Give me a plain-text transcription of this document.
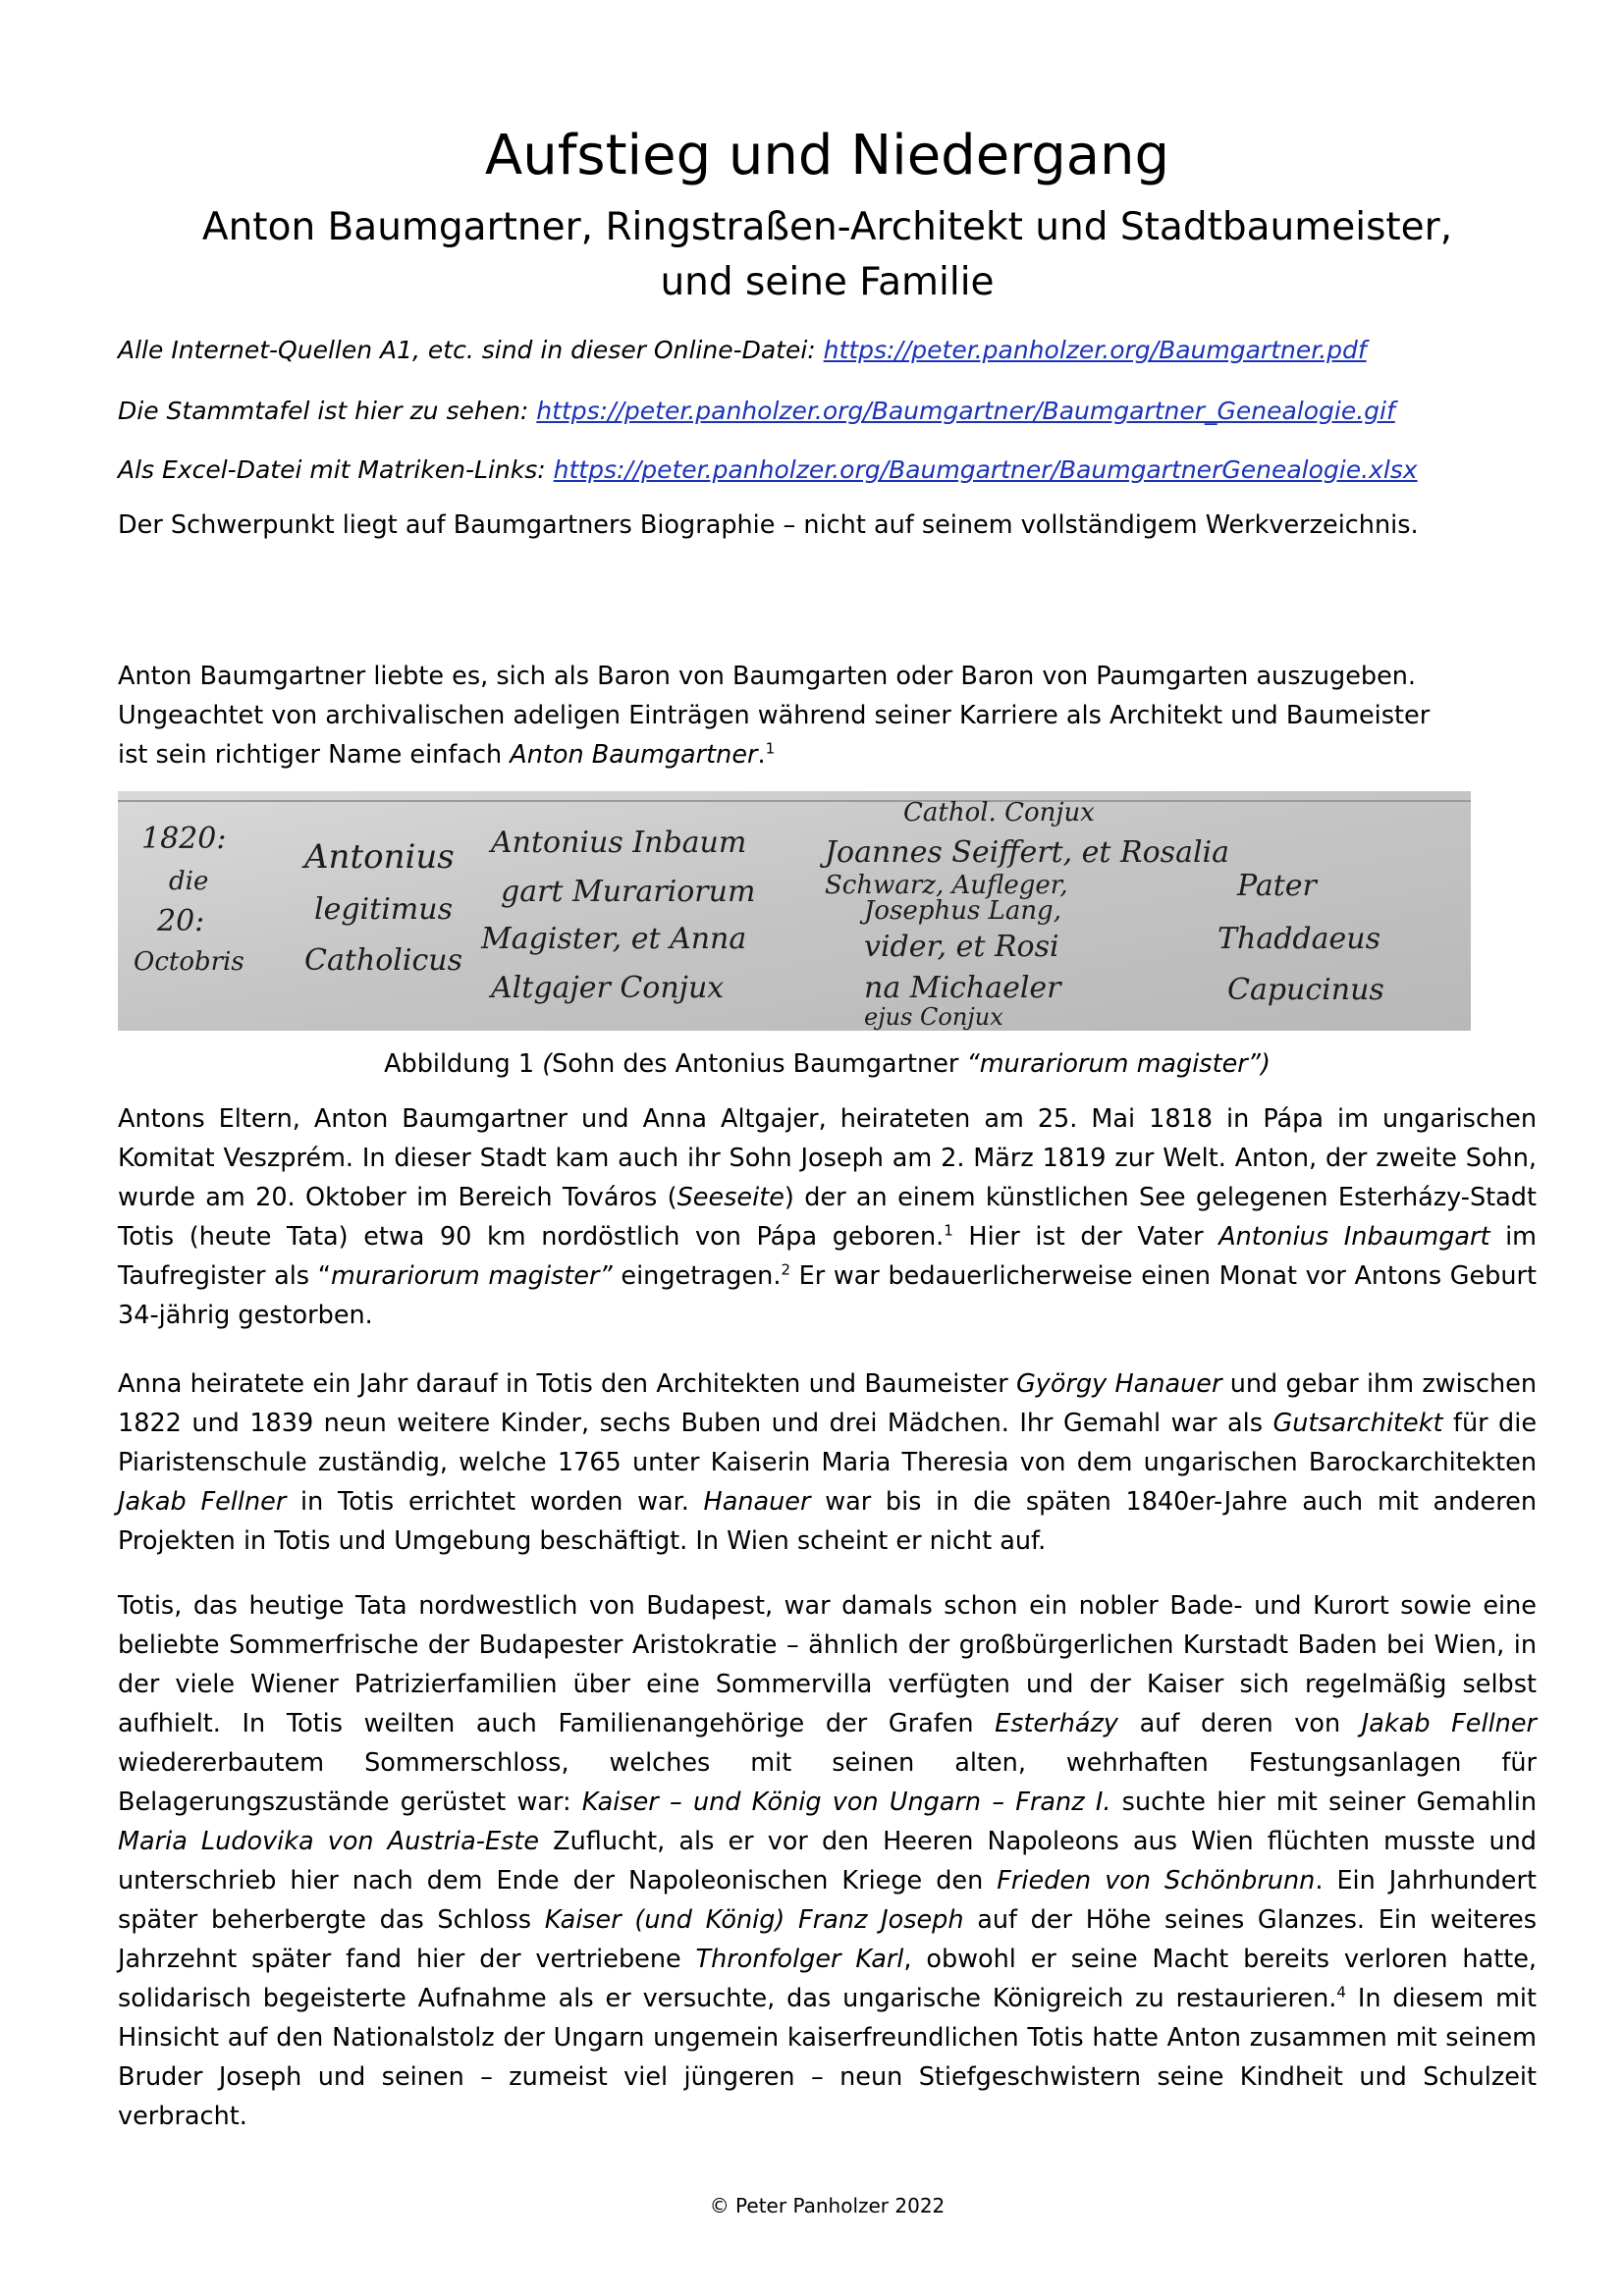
Aufstieg und Niedergang
Anton Baumgartner, Ringstraßen-Architekt und Stadtbaumeister,
und seine Familie
Alle Internet-Quellen A1, etc. sind in dieser Online-Datei: https://peter.panholzer.org/Baumgartner.pdf
Die Stammtafel ist hier zu sehen: https://peter.panholzer.org/Baumgartner/Baumgartner_Genealogie.gif
Als Excel-Datei mit Matriken-Links: https://peter.panholzer.org/Baumgartner/BaumgartnerGenealogie.xlsx
Der Schwerpunkt liegt auf Baumgartners Biographie – nicht auf seinem vollständigem Werkverzeichnis.
Anton Baumgartner liebte es, sich als Baron von Baumgarten oder Baron von Paumgarten auszugeben.
Ungeachtet von archivalischen adeligen Einträgen während seiner Karriere als Architekt und Baumeister
ist sein richtiger Name einfach Anton Baumgartner.$^1$
1820:
die
20:
Octobris
Antonius
legitimus
Catholicus
Antonius Inbaum
gart Murariorum
Magister, et Anna
Altgajer Conjux
Cathol. Conjux
Joannes Seiffert, et Rosalia
Schwarz, Aufleger,
Josephus Lang,
vider, et Rosi
na Michaeler
ejus Conjux
Pater
Thaddaeus
Capucinus
Abbildung 1 (Sohn des Antonius Baumgartner “murariorum magister”)

Antons Eltern, Anton Baumgartner und Anna Altgajer, heirateten am 25. Mai 1818 in Pápa im ungarischen Komitat Veszprém. In dieser Stadt kam auch ihr Sohn Joseph am 2. März 1819 zur Welt. Anton, der zweite Sohn, wurde am 20. Oktober im Bereich Továros (Seeseite) der an einem künstlichen See gelegenen Esterházy-Stadt Totis (heute Tata) etwa 90 km nordöstlich von Pápa geboren.$^1$ Hier ist der Vater Antonius Inbaumgart im Taufregister als “murariorum magister” eingetragen.$^2$ Er war bedauerlicherweise einen Monat vor Antons Geburt 34-jährig gestorben.

Anna heiratete ein Jahr darauf in Totis den Architekten und Baumeister György Hanauer und gebar ihm zwischen 1822 und 1839 neun weitere Kinder, sechs Buben und drei Mädchen. Ihr Gemahl war als Gutsarchitekt für die Piaristenschule zuständig, welche 1765 unter Kaiserin Maria Theresia von dem ungarischen Barockarchitekten Jakab Fellner in Totis errichtet worden war. Hanauer war bis in die späten 1840er-Jahre auch mit anderen Projekten in Totis und Umgebung beschäftigt. In Wien scheint er nicht auf.

Totis, das heutige Tata nordwestlich von Budapest, war damals schon ein nobler Bade- und Kurort sowie eine beliebte Sommerfrische der Budapester Aristokratie – ähnlich der großbürgerlichen Kurstadt Baden bei Wien, in der viele Wiener Patrizierfamilien über eine Sommervilla verfügten und der Kaiser sich regelmäßig selbst aufhielt. In Totis weilten auch Familienangehörige der Grafen Esterházy auf deren von Jakab Fellner wiedererbautem Sommerschloss, welches mit seinen alten, wehrhaften Festungsanlagen für Belagerungszustände gerüstet war: Kaiser – und König von Ungarn – Franz I. suchte hier mit seiner Gemahlin Maria Ludovika von Austria-Este Zuflucht, als er vor den Heeren Napoleons aus Wien flüchten musste und unterschrieb hier nach dem Ende der Napoleonischen Kriege den Frieden von Schönbrunn. Ein Jahrhundert später beherbergte das Schloss Kaiser (und König) Franz Joseph auf der Höhe seines Glanzes. Ein weiteres Jahrzehnt später fand hier der vertriebene Thronfolger Karl, obwohl er seine Macht bereits verloren hatte, solidarisch begeisterte Aufnahme als er versuchte, das ungarische Königreich zu restaurieren.$^4$ In diesem mit Hinsicht auf den Nationalstolz der Ungarn ungemein kaiserfreundlichen Totis hatte Anton zusammen mit seinem Bruder Joseph und seinen – zumeist viel jüngeren – neun Stiefgeschwistern seine Kindheit und Schulzeit verbracht.

© Peter Panholzer 2022
